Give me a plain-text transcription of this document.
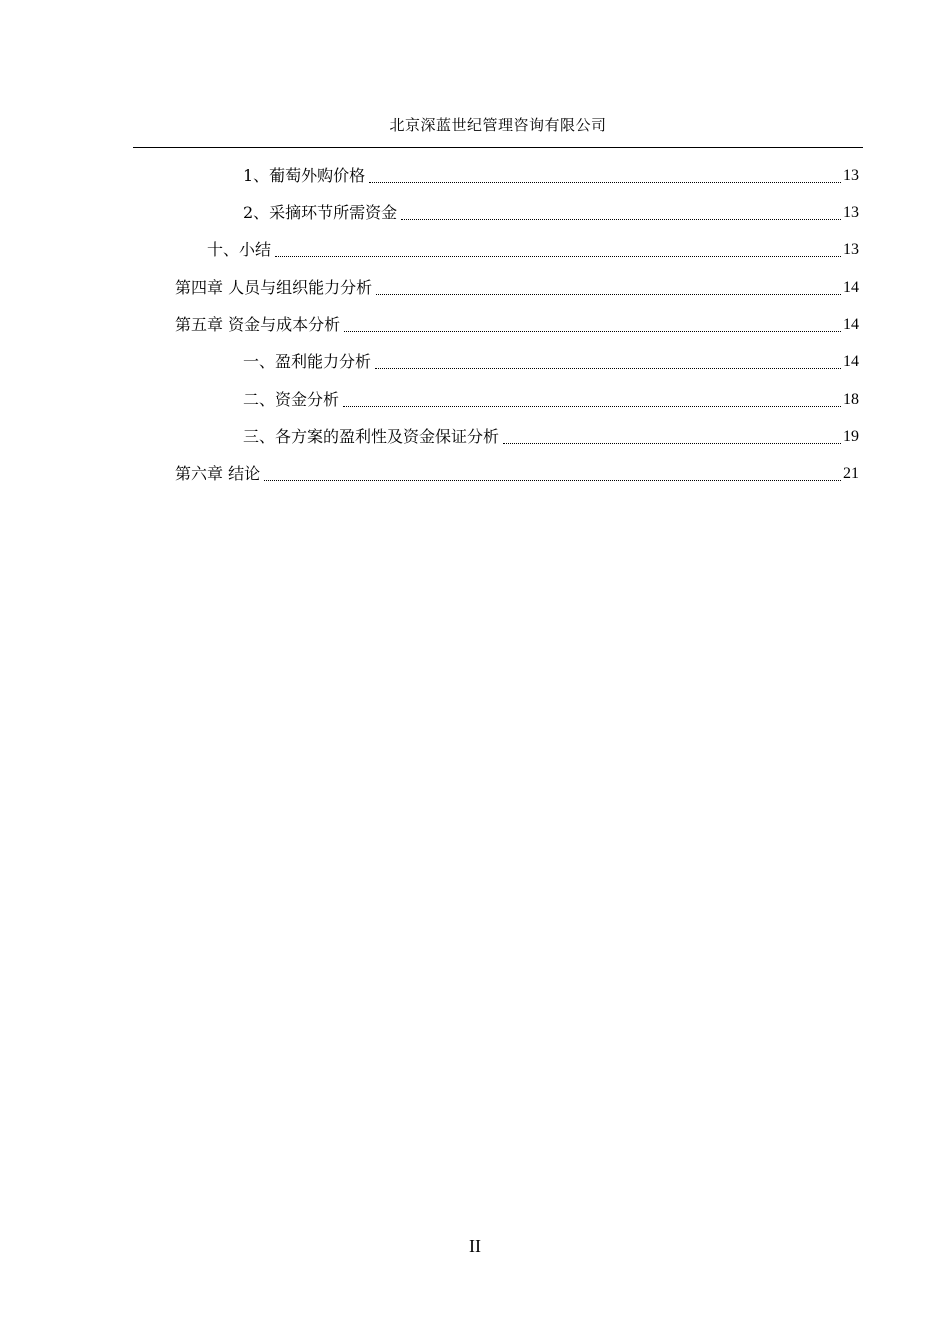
北京深蓝世纪管理咨询有限公司
1、葡萄外购价格	13
2、采摘环节所需资金	13
十、小结	13
第四章 人员与组织能力分析	14
第五章 资金与成本分析	14
一、盈利能力分析	14
二、资金分析	18
三、各方案的盈利性及资金保证分析	19
第六章 结论	21
II
